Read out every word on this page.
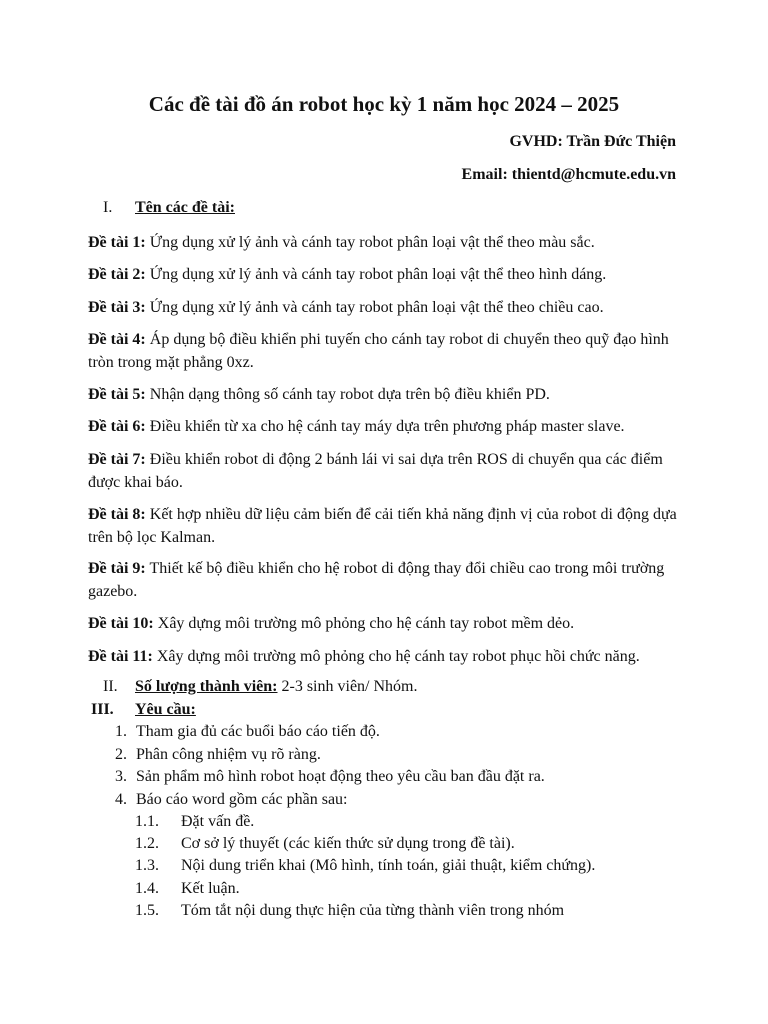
Các đề tài đồ án robot học kỳ 1 năm học 2024 – 2025
GVHD: Trần Đức Thiện
Email: thientd@hcmute.edu.vn
I. Tên các đề tài:
Đề tài 1: Ứng dụng xử lý ảnh và cánh tay robot phân loại vật thể theo màu sắc.
Đề tài 2: Ứng dụng xử lý ảnh và cánh tay robot phân loại vật thể theo hình dáng.
Đề tài 3: Ứng dụng xử lý ảnh và cánh tay robot phân loại vật thể theo chiều cao.
Đề tài 4: Áp dụng bộ điều khiển phi tuyến cho cánh tay robot di chuyển theo quỹ đạo hình tròn trong mặt phẳng 0xz.
Đề tài 5: Nhận dạng thông số cánh tay robot dựa trên bộ điều khiển PD.
Đề tài 6: Điều khiển từ xa cho hệ cánh tay máy dựa trên phương pháp master slave.
Đề tài 7: Điều khiển robot di động 2 bánh lái vi sai dựa trên ROS di chuyển qua các điểm được khai báo.
Đề tài 8: Kết hợp nhiều dữ liệu cảm biến để cải tiến khả năng định vị của robot di động dựa trên bộ lọc Kalman.
Đề tài 9: Thiết kế bộ điều khiển cho hệ robot di động thay đổi chiều cao trong môi trường gazebo.
Đề tài 10: Xây dựng môi trường mô phỏng cho hệ cánh tay robot mềm dẻo.
Đề tài 11: Xây dựng môi trường mô phỏng cho hệ cánh tay robot phục hồi chức năng.
II. Số lượng thành viên: 2-3 sinh viên/ Nhóm.
III. Yêu cầu:
1. Tham gia đủ các buổi báo cáo tiến độ.
2. Phân công nhiệm vụ rõ ràng.
3. Sản phẩm mô hình robot hoạt động theo yêu cầu ban đầu đặt ra.
4. Báo cáo word gồm các phần sau:
1.1. Đặt vấn đề.
1.2. Cơ sở lý thuyết (các kiến thức sử dụng trong đề tài).
1.3. Nội dung triển khai (Mô hình, tính toán, giải thuật, kiểm chứng).
1.4. Kết luận.
1.5. Tóm tắt nội dung thực hiện của từng thành viên trong nhóm
